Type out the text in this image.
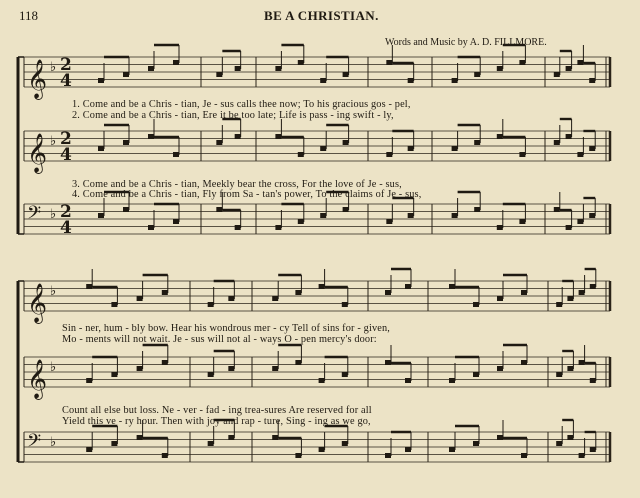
118	BE A CHRISTIAN.
Words and Music by A. D. FILLMORE.
𝄞 ♭ 2
4
𝄞 ♭ 2
4
𝄢 ♭ 2
4
𝄞 ♭
𝄞 ♭
𝄢 ♭
1. Come and be a Chris - tian, Je - sus calls thee now; To his gracious gos - pel,
2. Come and be a Chris - tian, Ere it be too late; Life is pass - ing swift - ly,
3. Come and be a Chris - tian, Meekly bear the cross, For the love of Je - sus,
4. Come and be a Chris - tian, Fly from Sa - tan's power, To the claims of Je - sus,
Sin - ner, hum - bly bow. Hear his wondrous mer - cy Tell of sins for - given,
Mo - ments will not wait. Je - sus will not al - ways O - pen mercy's door:
Count all else but loss. Ne - ver - fad - ing trea-sures Are reserved for all
Yield this ve - ry hour. Then with joy and rap - ture, Sing - ing as we go,
